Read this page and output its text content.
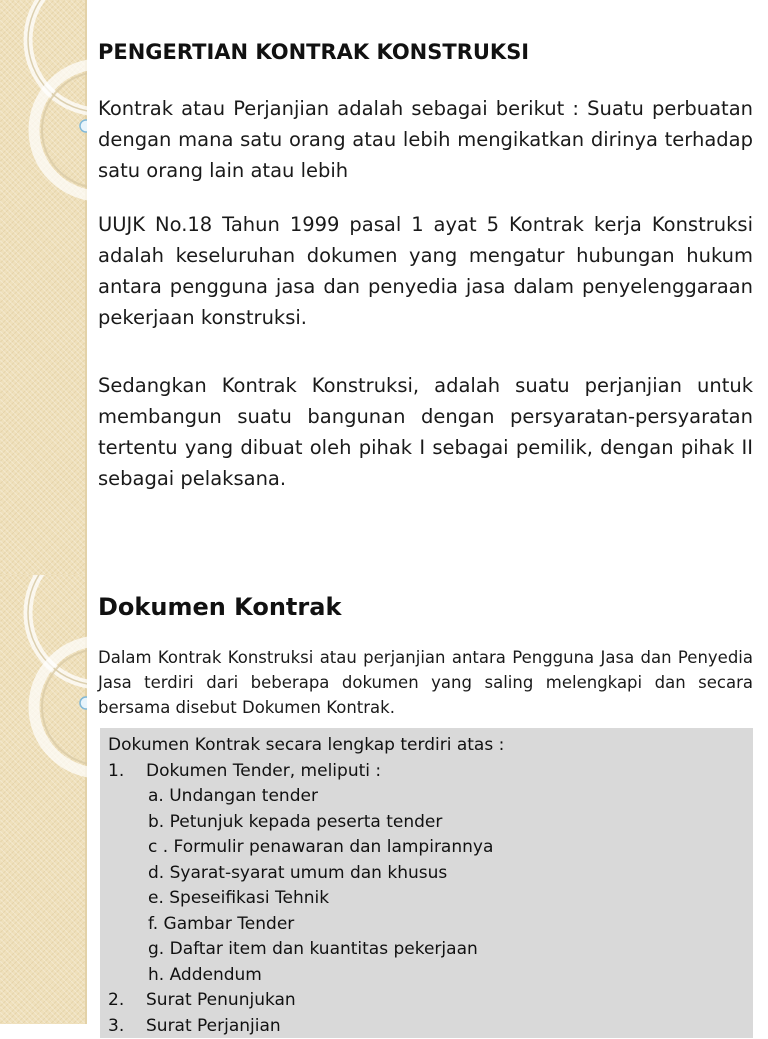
PENGERTIAN KONTRAK KONSTRUKSI

Kontrak atau Perjanjian adalah sebagai berikut : Suatu perbuatan dengan mana satu orang atau lebih mengikatkan dirinya terhadap satu orang lain atau lebih

UUJK No.18 Tahun 1999 pasal 1 ayat 5 Kontrak kerja Konstruksi adalah keseluruhan dokumen yang mengatur hubungan hukum antara pengguna jasa dan penyedia jasa dalam penyelenggaraan pekerjaan konstruksi.

Sedangkan Kontrak Konstruksi, adalah suatu perjanjian untuk membangun suatu bangunan dengan persyaratan-persyaratan tertentu yang dibuat oleh pihak I sebagai pemilik, dengan pihak II sebagai pelaksana.

Dokumen Kontrak

Dalam Kontrak Konstruksi atau perjanjian antara Pengguna Jasa dan Penyedia Jasa terdiri dari beberapa dokumen yang saling melengkapi dan secara bersama disebut Dokumen Kontrak.

Dokumen Kontrak secara lengkap terdiri atas :
1. Dokumen Tender, meliputi :
a. Undangan tender
b. Petunjuk kepada peserta tender
c . Formulir penawaran dan lampirannya
d. Syarat-syarat umum dan khusus
e. Speseifikasi Tehnik
f. Gambar Tender
g. Daftar item dan kuantitas pekerjaan
h. Addendum
2. Surat Penunjukan
3. Surat Perjanjian
